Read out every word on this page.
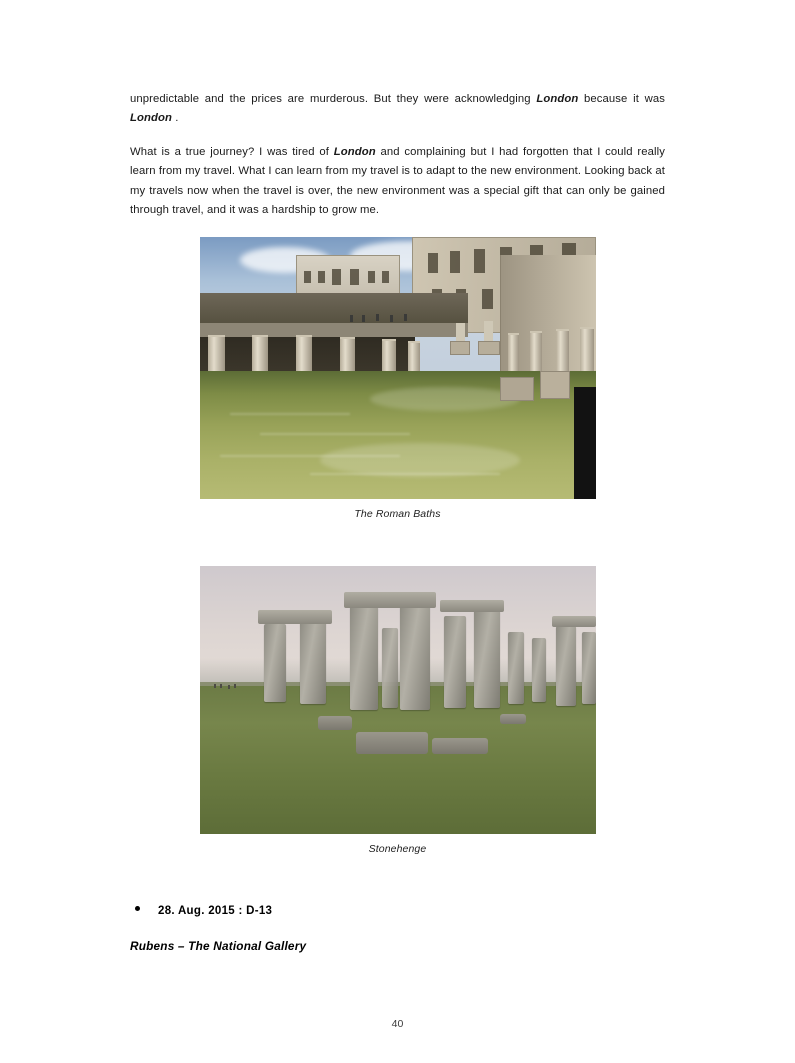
unpredictable and the prices are murderous. But they were acknowledging London because it was London .

What is a true journey? I was tired of London and complaining but I had forgotten that I could really learn from my travel. What I can learn from my travel is to adapt to the new environment. Looking back at my travels now when the travel is over, the new environment was a special gift that can only be gained through travel, and it was a hardship to grow me.

The Roman Baths
Stonehenge
28. Aug. 2015 : D-13
Rubens – The National Gallery
40
